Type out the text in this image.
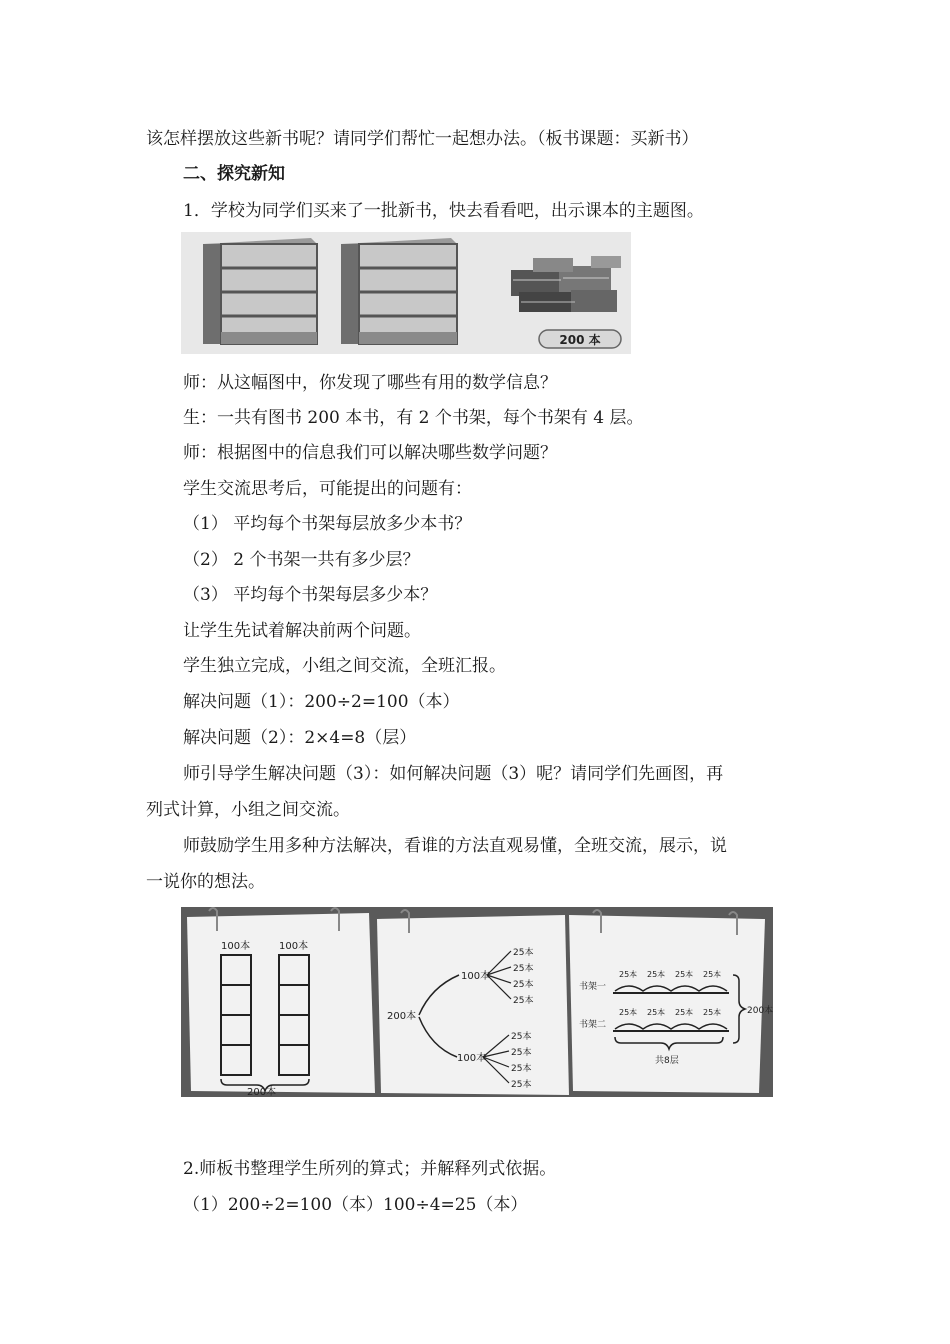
该怎样摆放这些新书呢？请同学们帮忙一起想办法。（板书课题：买新书）
二、探究新知
1．学校为同学们买来了一批新书，快去看看吧，出示课本的主题图。
200 本
师：从这幅图中，你发现了哪些有用的数学信息？
生：一共有图书 200 本书，有 2 个书架，每个书架有 4 层。
师：根据图中的信息我们可以解决哪些数学问题？
学生交流思考后，可能提出的问题有：
（1） 平均每个书架每层放多少本书？
（2） 2 个书架一共有多少层？
（3） 平均每个书架每层多少本？
让学生先试着解决前两个问题。
学生独立完成，小组之间交流，全班汇报。
解决问题（1）：200÷2=100（本）
解决问题（2）：2×4=8（层）
师引导学生解决问题（3）：如何解决问题（3）呢？请同学们先画图，再
列式计算，小组之间交流。
师鼓励学生用多种方法解决，看谁的方法直观易懂，全班交流，展示，说
一说你的想法。
100本	100本
200本
200本
100本
100本
25本
25本
25本
25本
25本
25本
25本
25本
书架一
书架二
25本 25本 25本 25本
25本 25本 25本 25本	200本
共8层
2.师板书整理学生所列的算式；并解释列式依据。
（1）200÷2=100（本）100÷4=25（本）
